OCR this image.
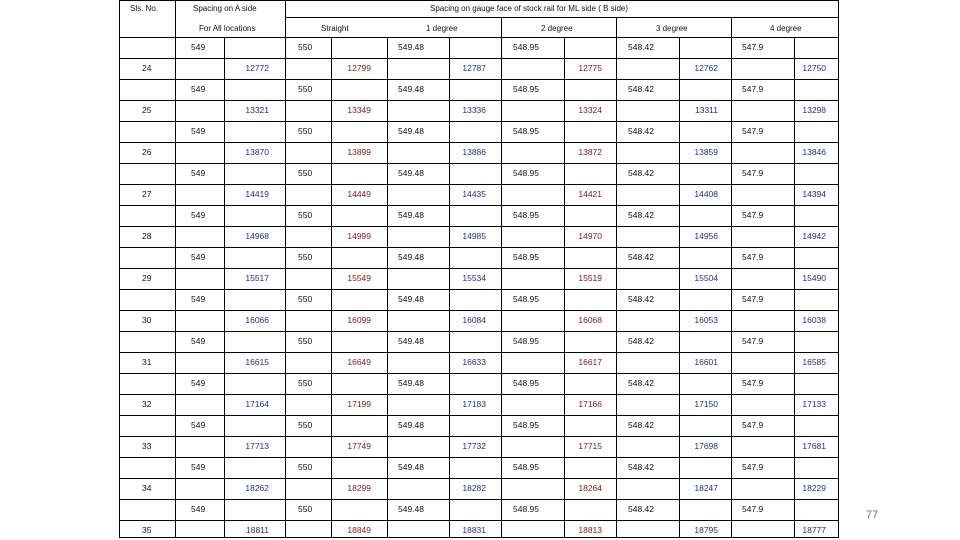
Sls. No.	Spacing on A side	Spacing on gauge face of stock rail for ML side ( B side)
For All locations	Straight	1 degree	2 degree	3 degree	4 degree
77
549	550	549.48	548.95	548.42	547.9
24	12772	12799	12787	12775	12762	12750
549	550	549.48	548.95	548.42	547.9
25	13321	13349	13336	13324	13311	13298
549	550	549.48	548.95	548.42	547.9
26	13870	13899	13886	13872	13859	13846
549	550	549.48	548.95	548.42	547.9
27	14419	14449	14435	14421	14408	14394
549	550	549.48	548.95	548.42	547.9
28	14968	14999	14985	14970	14956	14942
549	550	549.48	548.95	548.42	547.9
29	15517	15549	15534	15519	15504	15490
549	550	549.48	548.95	548.42	547.9
30	16066	16099	16084	16068	16053	16038
549	550	549.48	548.95	548.42	547.9
31	16615	16649	16633	16617	16601	16585
549	550	549.48	548.95	548.42	547.9
32	17164	17199	17183	17166	17150	17133
549	550	549.48	548.95	548.42	547.9
33	17713	17749	17732	17715	17698	17681
549	550	549.48	548.95	548.42	547.9
34	18262	18299	18282	18264	18247	18229
549	550	549.48	548.95	548.42	547.9
35	18811	18849	18831	18813	18795	18777
